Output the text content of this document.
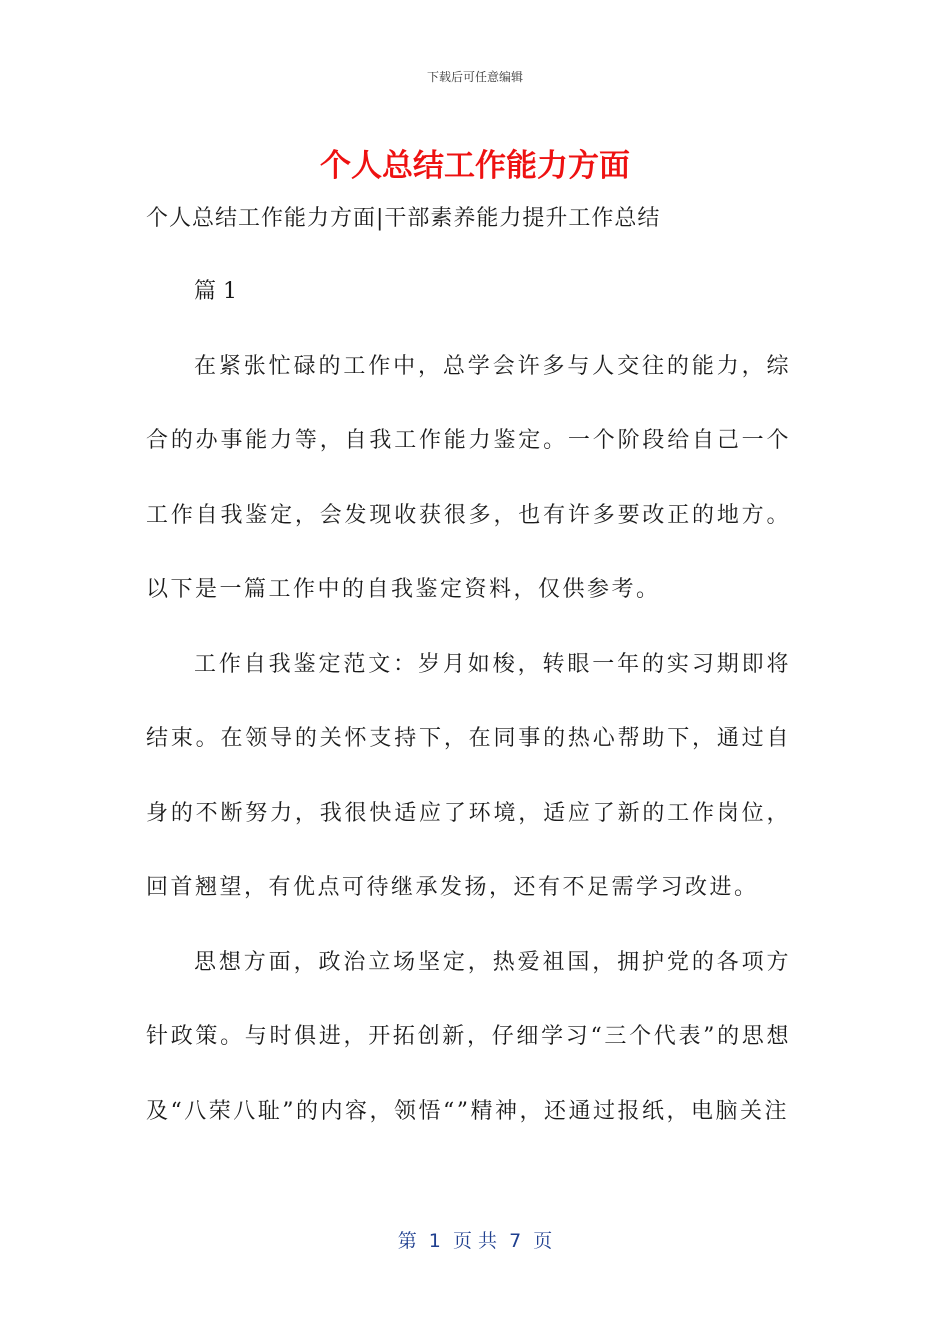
下载后可任意编辑
个人总结工作能力方面

个人总结工作能力方面|干部素养能力提升工作总结

篇 1

在紧张忙碌的工作中，总学会许多与人交往的能力，综合的办事能力等，自我工作能力鉴定。一个阶段给自己一个工作自我鉴定，会发现收获很多，也有许多要改正的地方。以下是一篇工作中的自我鉴定资料，仅供参考。

工作自我鉴定范文：岁月如梭，转眼一年的实习期即将结束。在领导的关怀支持下，在同事的热心帮助下，通过自身的不断努力，我很快适应了环境，适应了新的工作岗位，回首翘望，有优点可待继承发扬，还有不足需学习改进。

思想方面，政治立场坚定，热爱祖国，拥护党的各项方针政策。与时俱进，开拓创新，仔细学习“三个代表”的思想及“八荣八耻”的内容，领悟“”精神，还通过报纸，电脑关注

第  1  页 共  7  页
